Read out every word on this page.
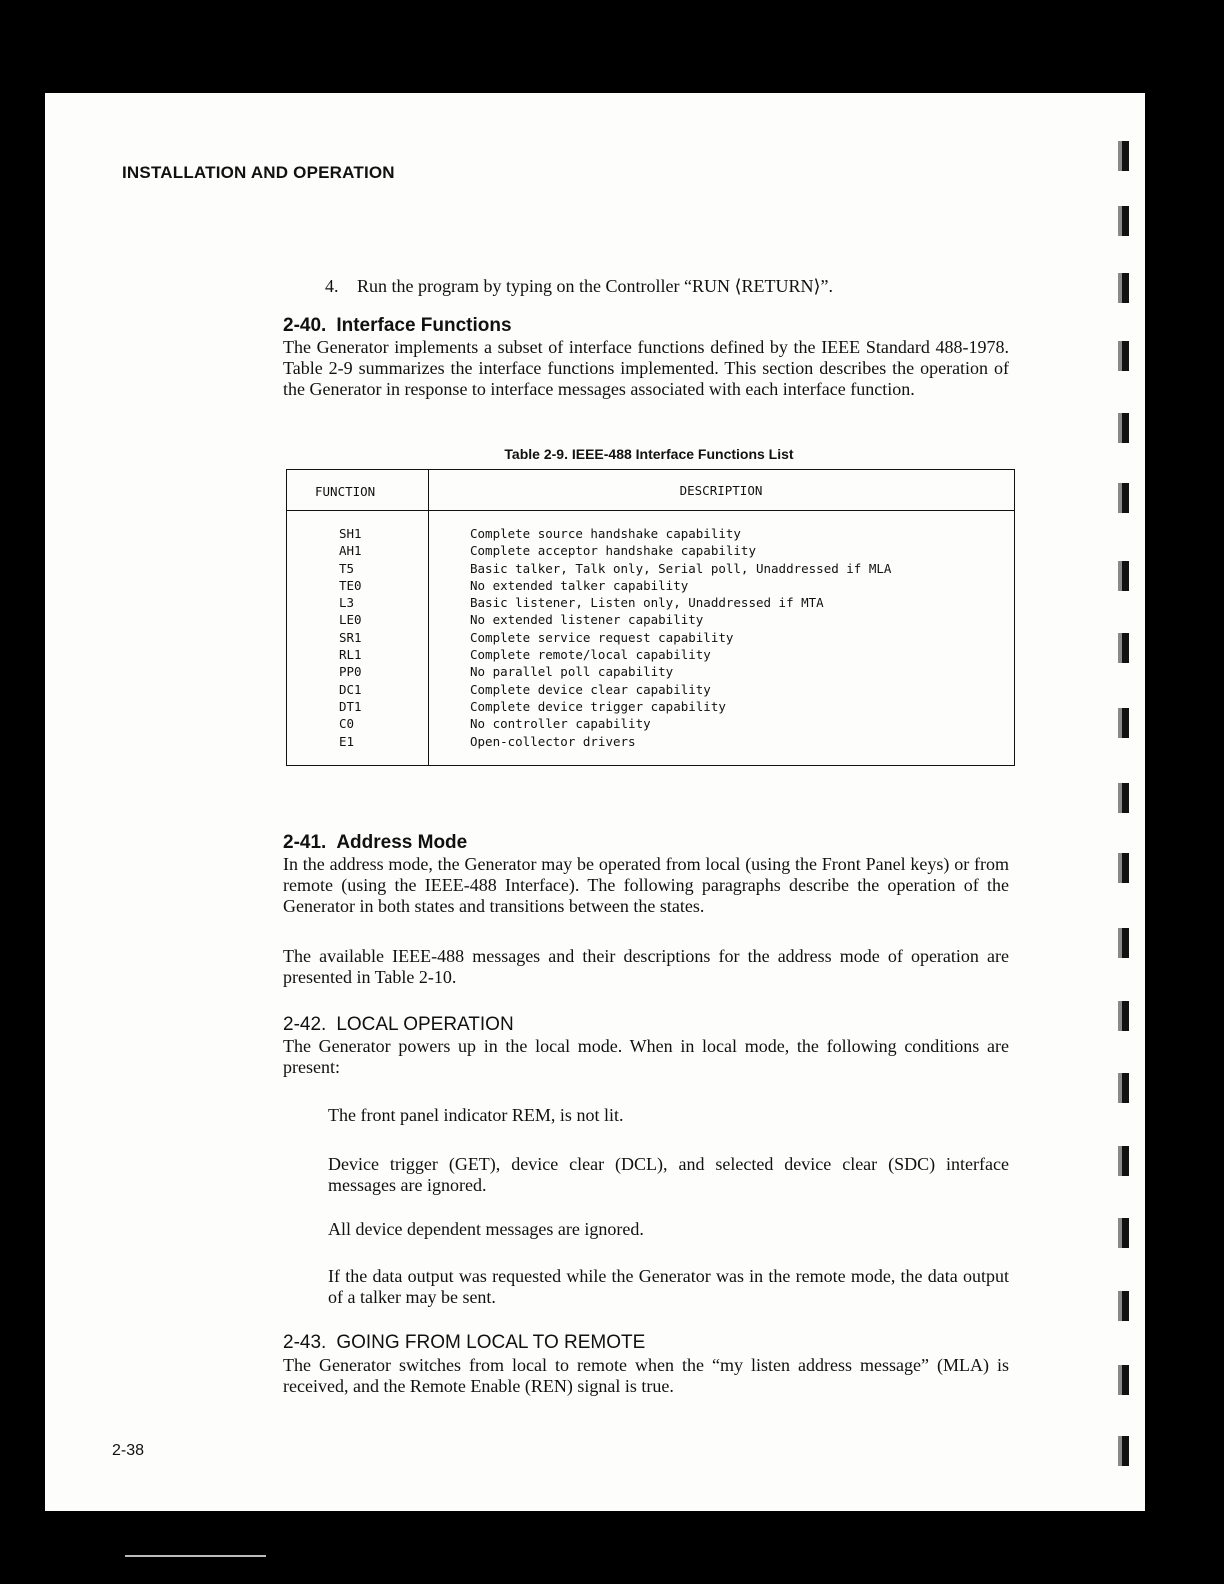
INSTALLATION AND OPERATION
4. Run the program by typing on the Controller “RUN ⟨RETURN⟩”.
2-40. Interface Functions
The Generator implements a subset of interface functions defined by the IEEE Standard 488-1978. Table 2-9 summarizes the interface functions implemented. This section describes the operation of the Generator in response to interface messages associated with each interface function.
Table 2-9. IEEE-488 Interface Functions List
FUNCTION	DESCRIPTION
SH1
AH1
T5
TE0
L3
LE0
SR1
RL1
PP0
DC1
DT1
C0
E1
Complete source handshake capability
Complete acceptor handshake capability
Basic talker, Talk only, Serial poll, Unaddressed if MLA
No extended talker capability
Basic listener, Listen only, Unaddressed if MTA
No extended listener capability
Complete service request capability
Complete remote/local capability
No parallel poll capability
Complete device clear capability
Complete device trigger capability
No controller capability
Open-collector drivers
2-41. Address Mode
In the address mode, the Generator may be operated from local (using the Front Panel keys) or from remote (using the IEEE-488 Interface). The following paragraphs describe the operation of the Generator in both states and transitions between the states.
The available IEEE-488 messages and their descriptions for the address mode of operation are presented in Table 2-10.
2-42. LOCAL OPERATION
The Generator powers up in the local mode. When in local mode, the following conditions are present:
The front panel indicator REM, is not lit.
Device trigger (GET), device clear (DCL), and selected device clear (SDC) interface messages are ignored.
All device dependent messages are ignored.
If the data output was requested while the Generator was in the remote mode, the data output of a talker may be sent.
2-43. GOING FROM LOCAL TO REMOTE
The Generator switches from local to remote when the “my listen address message” (MLA) is received, and the Remote Enable (REN) signal is true.
2-38
